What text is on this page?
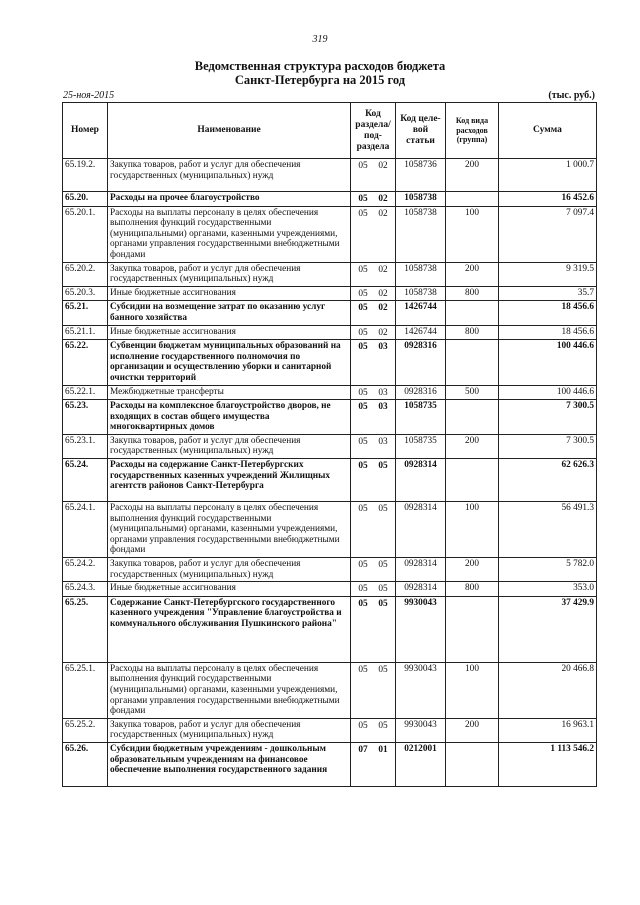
319
Ведомственная структура расходов бюджета
Санкт-Петербурга на 2015 год
25-ноя-2015	(тыс. руб.)
Номер	Наименование	Код раздела/ под- раздела	Код целе- вой статьи	Код вида расходов (группа)	Сумма
65.19.2.	Закупка товаров, работ и услуг для обеспечения государственных (муниципальных) нужд	05 02	1058736	200	1 000.7
65.20.	Расходы на прочее благоустройство	05 02	1058738		16 452.6
65.20.1.	Расходы на выплаты персоналу в целях обеспечения выполнения функций государственными (муниципальными) органами, казенными учреждениями, органами управления государственными внебюджетными фондами	05 02	1058738	100	7 097.4
65.20.2.	Закупка товаров, работ и услуг для обеспечения государственных (муниципальных) нужд	05 02	1058738	200	9 319.5
65.20.3.	Иные бюджетные ассигнования	05 02	1058738	800	35.7
65.21.	Субсидии на возмещение затрат по оказанию услуг банного хозяйства	05 02	1426744		18 456.6
65.21.1.	Иные бюджетные ассигнования	05 02	1426744	800	18 456.6
65.22.	Субвенции бюджетам муниципальных образований на исполнение государственного полномочия по организации и осуществлению уборки и санитарной очистки территорий	05 03	0928316		100 446.6
65.22.1.	Межбюджетные трансферты	05 03	0928316	500	100 446.6
65.23.	Расходы на комплексное благоустройство дворов, не входящих в состав общего имущества многоквартирных домов	05 03	1058735		7 300.5
65.23.1.	Закупка товаров, работ и услуг для обеспечения государственных (муниципальных) нужд	05 03	1058735	200	7 300.5
65.24.	Расходы на содержание Санкт-Петербургских государственных казенных учреждений Жилищных агентств районов Санкт-Петербурга	05 05	0928314		62 626.3
65.24.1.	Расходы на выплаты персоналу в целях обеспечения выполнения функций государственными (муниципальными) органами, казенными учреждениями, органами управления государственными внебюджетными фондами	05 05	0928314	100	56 491.3
65.24.2.	Закупка товаров, работ и услуг для обеспечения государственных (муниципальных) нужд	05 05	0928314	200	5 782.0
65.24.3.	Иные бюджетные ассигнования	05 05	0928314	800	353.0
65.25.	Содержание Санкт-Петербургского государственного казенного учреждения "Управление благоустройства и коммунального обслуживания Пушкинского района"	05 05	9930043		37 429.9
65.25.1.	Расходы на выплаты персоналу в целях обеспечения выполнения функций государственными (муниципальными) органами, казенными учреждениями, органами управления государственными внебюджетными фондами	05 05	9930043	100	20 466.8
65.25.2.	Закупка товаров, работ и услуг для обеспечения государственных (муниципальных) нужд	05 05	9930043	200	16 963.1
65.26.	Субсидии бюджетным учреждениям - дошкольным образовательным учреждениям на финансовое обеспечение выполнения государственного задания	07 01	0212001		1 113 546.2
